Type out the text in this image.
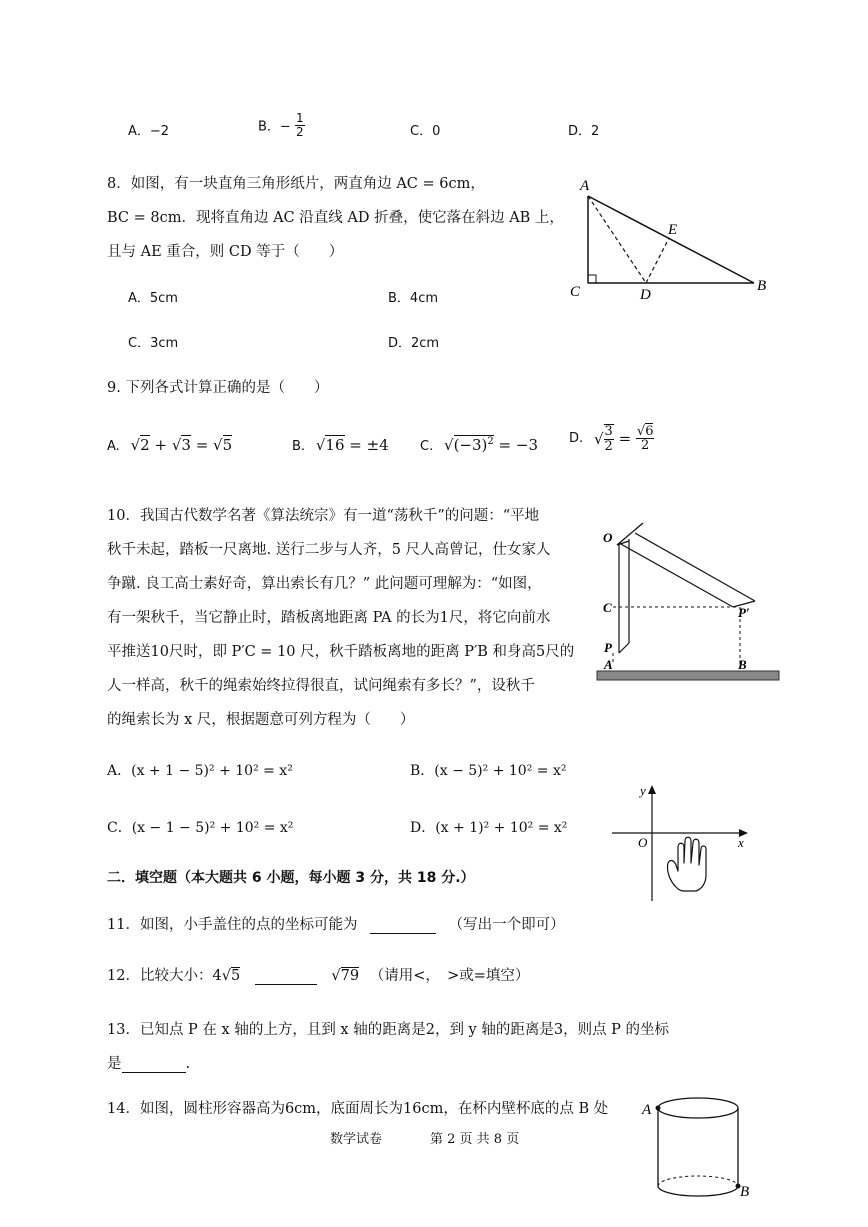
A．−2	B．− $\frac{1}{2}$	C．0	D．2
8．如图，有一块直角三角形纸片，两直角边 AC = 6cm，
BC = 8cm．现将直角边 AC 沿直线 AD 折叠，使它落在斜边 AB 上，
且与 AE 重合，则 CD 等于（　　）
A．5cm	B．4cm
C．3cm	D．2cm
A
E
C	D
B
9. 下列各式计算正确的是（　　）
A. √2 + √3 = √5	B. √16 = ±4 C. $√(-3)^2 = -3$ D. √ $\frac{3}{2} = \frac{√6}{2}$
10．我国古代数学名著《算法统宗》有一道“荡秋千”的问题：“平地
秋千未起，踏板一尺离地. 送行二步与人齐，5 尺人高曾记，仕女家人
争蹴. 良工高士素好奇，算出索长有几？” 此问题可理解为：“如图，
有一架秋千，当它静止时，踏板离地距离 PA 的长为1尺，将它向前水
平推送10尺时，即 P′C = 10 尺，秋千踏板离地的距离 P′B 和身高5尺的
人一样高，秋千的绳索始终拉得很直，试问绳索有多长？”，设秋千
的绳索长为 x 尺，根据题意可列方程为（　　）
A．(x + 1 − 5)² + 10² = x²	B．(x − 5)² + 10² = x²
C．(x − 1 − 5)² + 10² = x²	D．(x + 1)² + 10² = x²
O
C	P′
P
A	B
y
O	x
二．填空题（本大题共 6 小题，每小题 3 分，共 18 分.）
11．如图，小手盖住的点的坐标可能为	（写出一个即可）
12．比较大小：4√5	√79 （请用<，　>或=填空）
13．已知点 P 在 x 轴的上方，且到 x 轴的距离是2，到 y 轴的距离是3，则点 P 的坐标
是	.
14．如图，圆柱形容器高为6cm，底面周长为16cm，在杯内壁杯底的点 B 处 A
B
数学试卷	第 2 页 共 8 页
